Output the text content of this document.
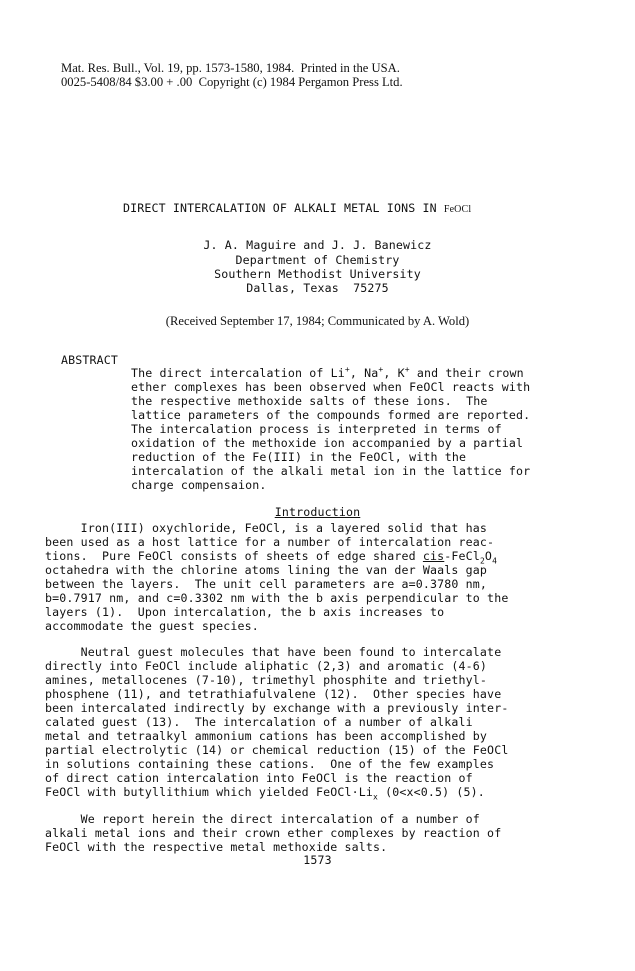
Mat. Res. Bull., Vol. 19, pp. 1573-1580, 1984.  Printed in the USA.
0025-5408/84 $3.00 + .00  Copyright (c) 1984 Pergamon Press Ltd.
DIRECT INTERCALATION OF ALKALI METAL IONS IN FeOCl
J. A. Maguire and J. J. Banewicz
Department of Chemistry
Southern Methodist University
Dallas, Texas  75275
(Received September 17, 1984; Communicated by A. Wold)
ABSTRACT
The direct intercalation of Li+, Na+, K+ and their crown
ether complexes has been observed when FeOCl reacts with
the respective methoxide salts of these ions.  The
lattice parameters of the compounds formed are reported.
The intercalation process is interpreted in terms of
oxidation of the methoxide ion accompanied by a partial
reduction of the Fe(III) in the FeOCl, with the
intercalation of the alkali metal ion in the lattice for
charge compensaion.
Introduction
Iron(III) oxychloride, FeOCl, is a layered solid that has
been used as a host lattice for a number of intercalation reac-
tions.  Pure FeOCl consists of sheets of edge shared cis-$FeCl_2O_4$
octahedra with the chlorine atoms lining the van der Waals gap
between the layers.  The unit cell parameters are a=0.3780 nm,
b=0.7917 nm, and c=0.3302 nm with the b axis perpendicular to the
layers (1).  Upon intercalation, the b axis increases to
accommodate the guest species.
Neutral guest molecules that have been found to intercalate
directly into FeOCl include aliphatic (2,3) and aromatic (4-6)
amines, metallocenes (7-10), trimethyl phosphite and triethyl-
phosphene (11), and tetrathiafulvalene (12).  Other species have
been intercalated indirectly by exchange with a previously inter-
calated guest (13).  The intercalation of a number of alkali
metal and tetraalkyl ammonium cations has been accomplished by
partial electrolytic (14) or chemical reduction (15) of the FeOCl
in solutions containing these cations.  One of the few examples
of direct cation intercalation into FeOCl is the reaction of
FeOCl with butyllithium which yielded $FeOCl\cdot Li_x$ (0<x<0.5) (5).
We report herein the direct intercalation of a number of
alkali metal ions and their crown ether complexes by reaction of
FeOCl with the respective metal methoxide salts.
1573
